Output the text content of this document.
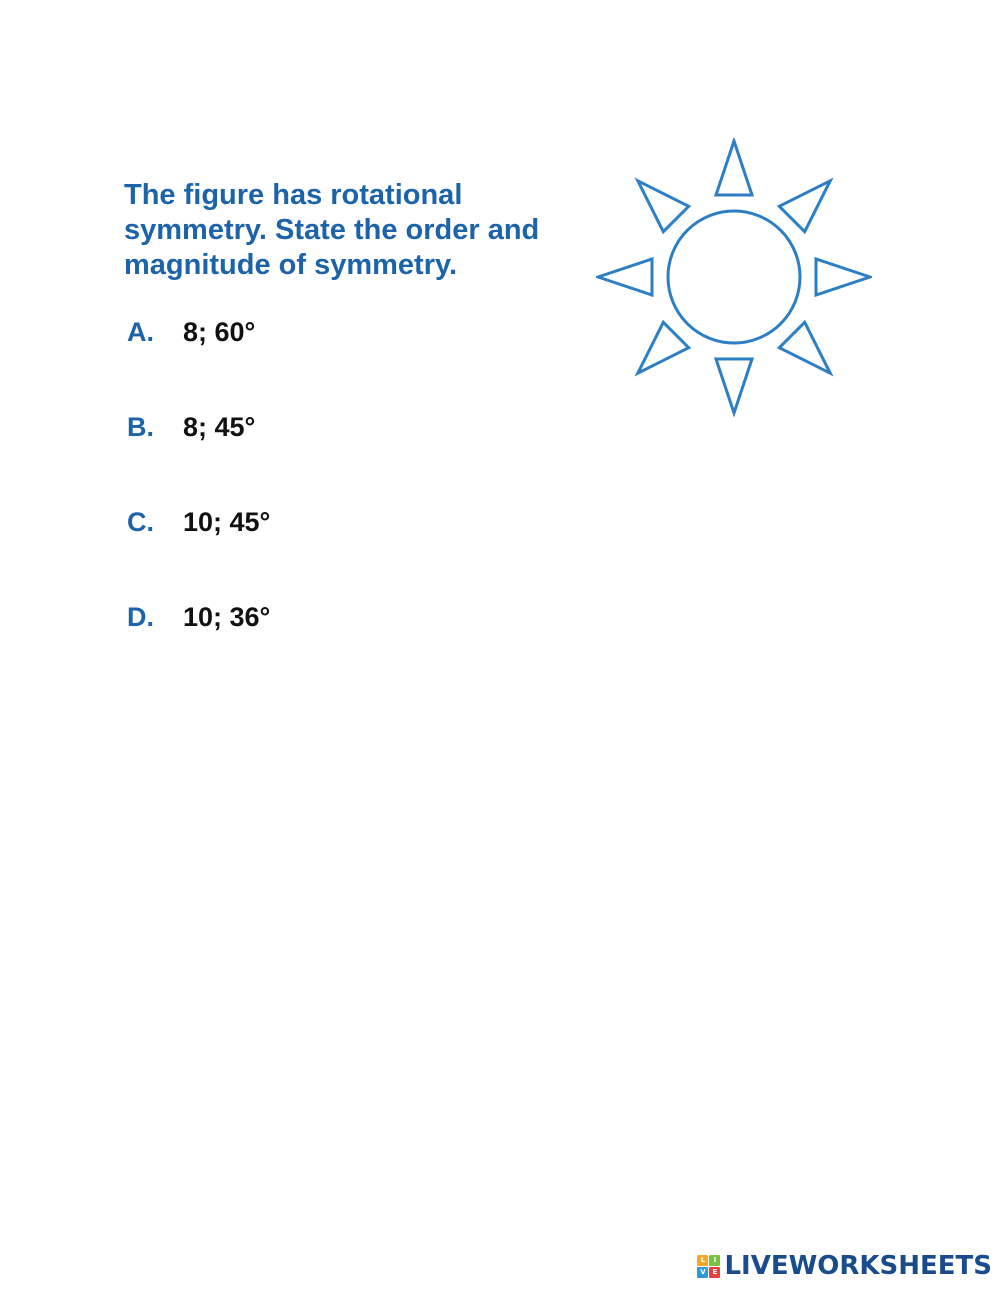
The figure has rotational symmetry. State the order and magnitude of symmetry.

A. 8; 60°
B. 8; 45°
C. 10; 45°
D. 10; 36°
L	I
V E LIVEWORKSHEETS
